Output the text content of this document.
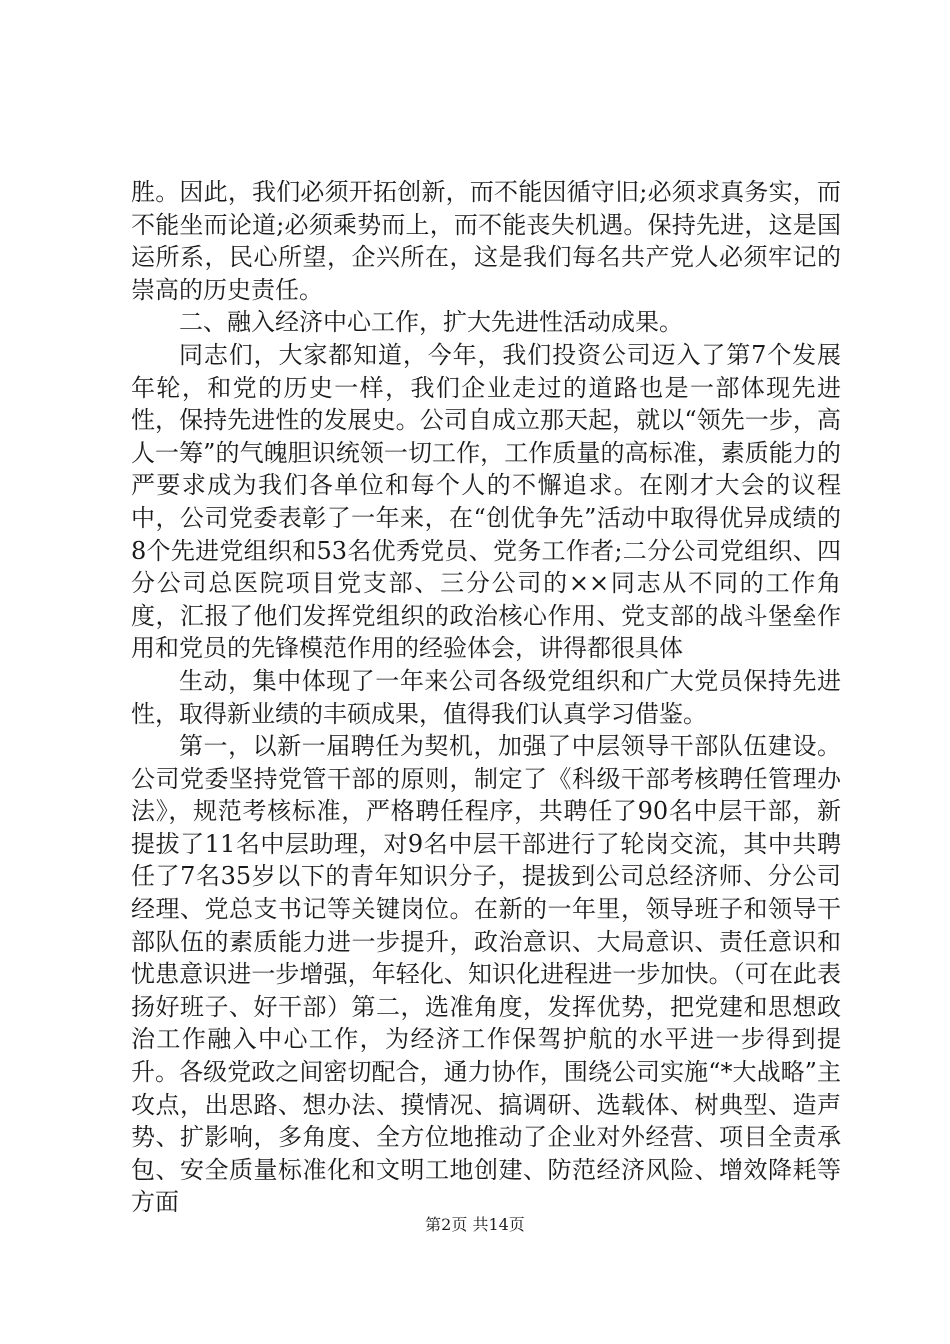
胜。因此，我们必须开拓创新，而不能因循守旧;必须求真务实，而不能坐而论道;必须乘势而上，而不能丧失机遇。保持先进，这是国运所系，民心所望，企兴所在，这是我们每名共产党人必须牢记的崇高的历史责任。

二、融入经济中心工作，扩大先进性活动成果。

同志们，大家都知道，今年，我们投资公司迈入了第7个发展年轮，和党的历史一样，我们企业走过的道路也是一部体现先进性，保持先进性的发展史。公司自成立那天起，就以“领先一步，高人一筹”的气魄胆识统领一切工作，工作质量的高标准，素质能力的严要求成为我们各单位和每个人的不懈追求。在刚才大会的议程中，公司党委表彰了一年来，在“创优争先”活动中取得优异成绩的8个先进党组织和53名优秀党员、党务工作者;二分公司党组织、四分公司总医院项目党支部、三分公司的××同志从不同的工作角度，汇报了他们发挥党组织的政治核心作用、党支部的战斗堡垒作用和党员的先锋模范作用的经验体会，讲得都很具体

生动，集中体现了一年来公司各级党组织和广大党员保持先进性，取得新业绩的丰硕成果，值得我们认真学习借鉴。

第一，以新一届聘任为契机，加强了中层领导干部队伍建设。公司党委坚持党管干部的原则，制定了《科级干部考核聘任管理办法》，规范考核标准，严格聘任程序，共聘任了90名中层干部，新提拔了11名中层助理，对9名中层干部进行了轮岗交流，其中共聘任了7名35岁以下的青年知识分子，提拔到公司总经济师、分公司经理、党总支书记等关键岗位。在新的一年里，领导班子和领导干部队伍的素质能力进一步提升，政治意识、大局意识、责任意识和忧患意识进一步增强，年轻化、知识化进程进一步加快。（可在此表扬好班子、好干部）第二，选准角度，发挥优势，把党建和思想政治工作融入中心工作，为经济工作保驾护航的水平进一步得到提升。各级党政之间密切配合，通力协作，围绕公司实施“*大战略”主攻点，出思路、想办法、摸情况、搞调研、选载体、树典型、造声势、扩影响，多角度、全方位地推动了企业对外经营、项目全责承包、安全质量标准化和文明工地创建、防范经济风险、增效降耗等方面

第2页 共14页
